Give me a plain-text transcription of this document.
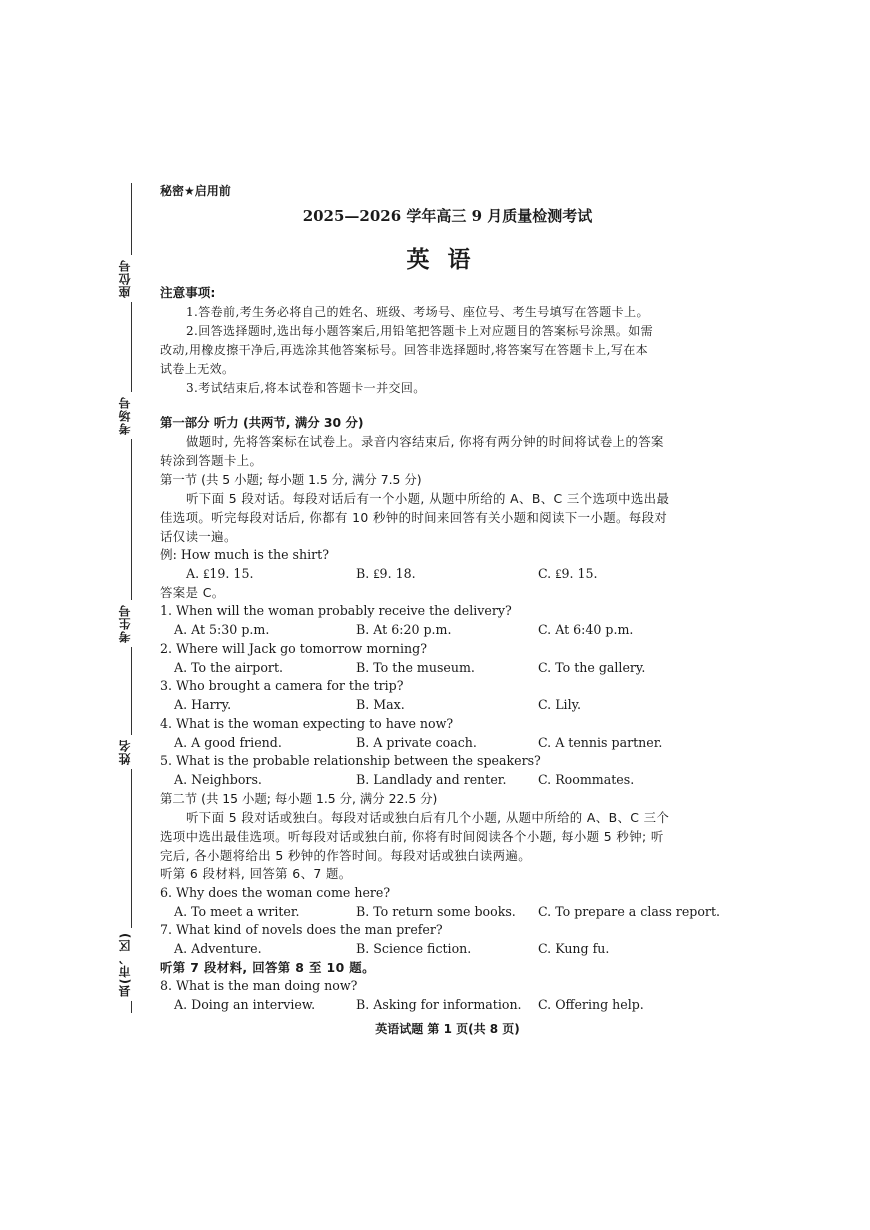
座位号
考场号
考生号
姓名
县(市、区)
秘密★启用前
2025—2026 学年高三 9 月质量检测考试
英语
注意事项:
1.答卷前,考生务必将自己的姓名、班级、考场号、座位号、考生号填写在答题卡上。
2.回答选择题时,选出每小题答案后,用铅笔把答题卡上对应题目的答案标号涂黑。如需
改动,用橡皮擦干净后,再选涂其他答案标号。回答非选择题时,将答案写在答题卡上,写在本
试卷上无效。
3.考试结束后,将本试卷和答题卡一并交回。
第一部分 听力 (共两节, 满分 30 分)
做题时, 先将答案标在试卷上。录音内容结束后, 你将有两分钟的时间将试卷上的答案
转涂到答题卡上。
第一节 (共 5 小题; 每小题 1.5 分, 满分 7.5 分)
听下面 5 段对话。每段对话后有一个小题, 从题中所给的 A、B、C 三个选项中选出最
佳选项。听完每段对话后, 你都有 10 秒钟的时间来回答有关小题和阅读下一小题。每段对
话仅读一遍。
例: How much is the shirt?
A. ₤19. 15.	B. ₤9. 18.	C. ₤9. 15.
答案是 C。
1. When will the woman probably receive the delivery?
A. At 5:30 p.m.	B. At 6:20 p.m.	C. At 6:40 p.m.
2. Where will Jack go tomorrow morning?
A. To the airport.	B. To the museum.	C. To the gallery.
3. Who brought a camera for the trip?
A. Harry.	B. Max.	C. Lily.
4. What is the woman expecting to have now?
A. A good friend.	B. A private coach.	C. A tennis partner.
5. What is the probable relationship between the speakers?
A. Neighbors.	B. Landlady and renter.	C. Roommates.
第二节 (共 15 小题; 每小题 1.5 分, 满分 22.5 分)
听下面 5 段对话或独白。每段对话或独白后有几个小题, 从题中所给的 A、B、C 三个
选项中选出最佳选项。听每段对话或独白前, 你将有时间阅读各个小题, 每小题 5 秒钟; 听
完后, 各小题将给出 5 秒钟的作答时间。每段对话或独白读两遍。
听第 6 段材料, 回答第 6、7 题。
6. Why does the woman come here?
A. To meet a writer.	B. To return some books. C. To prepare a class report.
7. What kind of novels does the man prefer?
A. Adventure.	B. Science fiction.	C. Kung fu.
听第 7 段材料, 回答第 8 至 10 题。
8. What is the man doing now?
A. Doing an interview.	B. Asking for information. C. Offering help.
英语试题 第 1 页(共 8 页)
